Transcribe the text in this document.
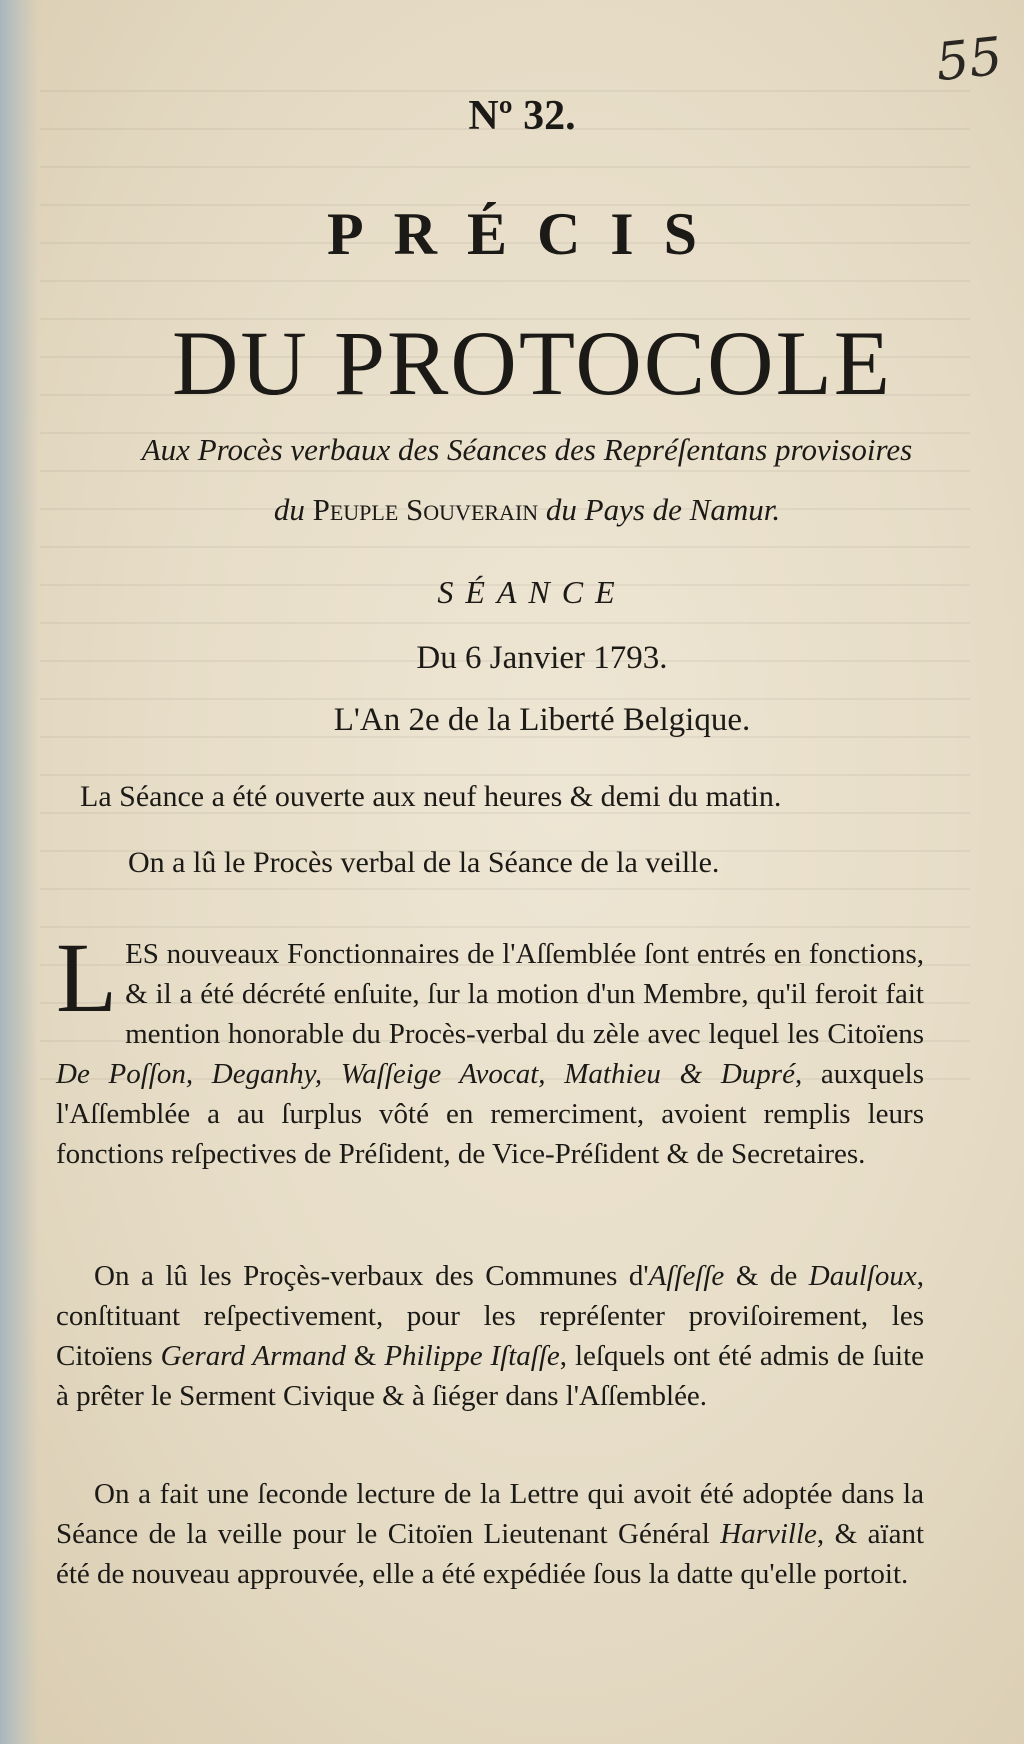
55
Nº 32.
PRÉCIS
DU PROTOCOLE
Aux Procès verbaux des Séances des Repréſentans provisoires
du Peuple Souverain du Pays de Namur.
SÉANCE
Du 6 Janvier 1793.
L'An 2e de la Liberté Belgique.
La Séance a été ouverte aux neuf heures & demi du matin.
On a lû le Procès verbal de la Séance de la veille.
LES nouveaux Fonctionnaires de l'Aſſemblée ſont entrés en fonctions, & il a été décrété enſuite, ſur la motion d'un Membre, qu'il feroit fait mention honorable du Procès-verbal du zèle avec lequel les Citoïens De Poſſon, Deganhy, Waſſeige Avocat, Mathieu & Dupré, auxquels l'Aſſemblée a au ſurplus vôté en remerciment, avoient remplis leurs fonctions reſpectives de Préſident, de Vice-Préſident & de Secretaires.
On a lû les Proçès-verbaux des Communes d'Aſſeſſe & de Daulſoux, conſtituant reſpectivement, pour les repréſenter proviſoirement, les Citoïens Gerard Armand & Philippe Iſtaſſe, leſquels ont été admis de ſuite à prêter le Serment Civique & à ſiéger dans l'Aſſemblée.
On a fait une ſeconde lecture de la Lettre qui avoit été adoptée dans la Séance de la veille pour le Citoïen Lieutenant Général Harville, & aïant été de nouveau approuvée, elle a été expédiée ſous la datte qu'elle portoit.
